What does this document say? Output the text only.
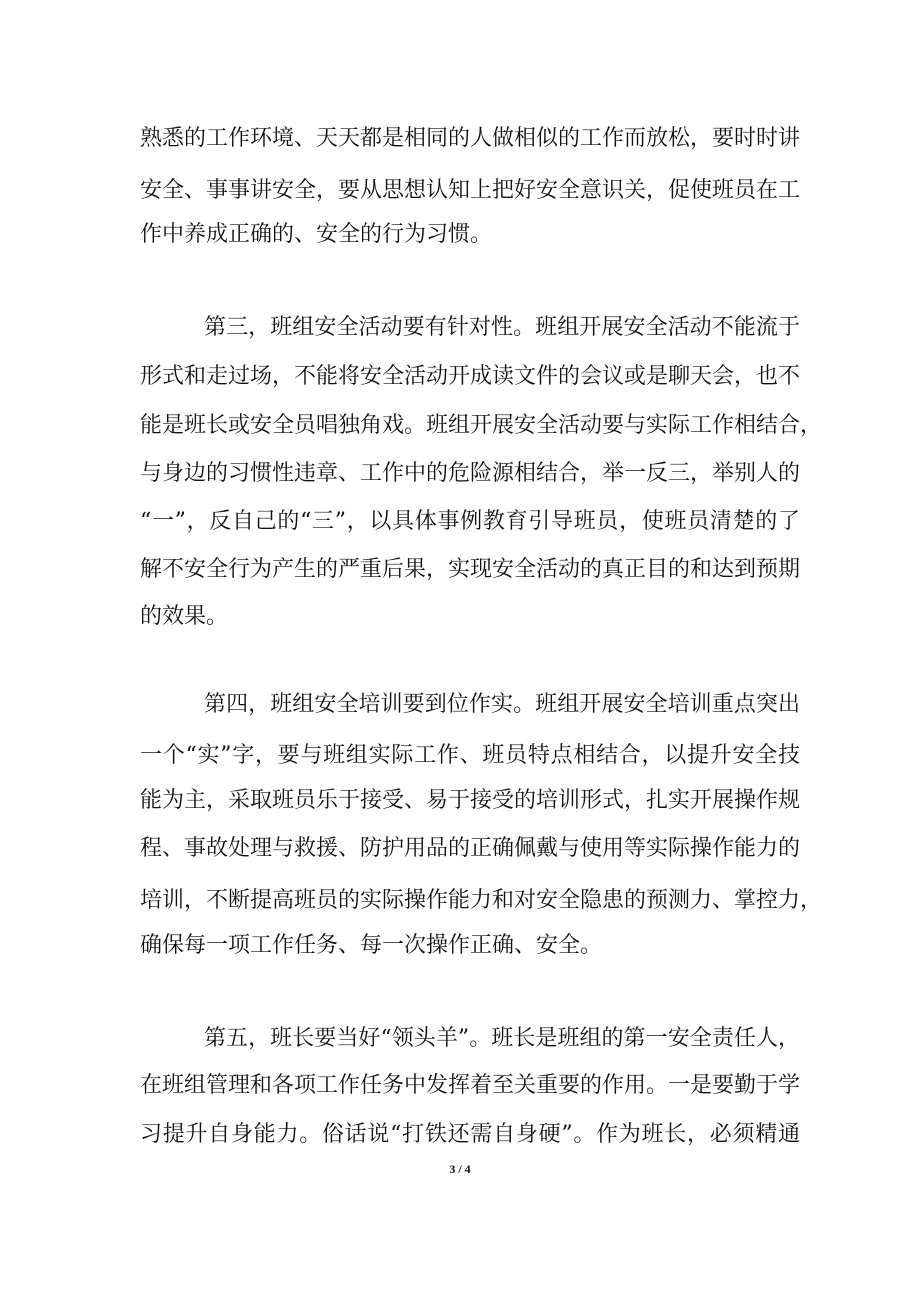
熟悉的工作环境、天天都是相同的人做相似的工作而放松，要时时讲
安全、事事讲安全，要从思想认知上把好安全意识关，促使班员在工
作中养成正确的、安全的行为习惯。
第三，班组安全活动要有针对性。班组开展安全活动不能流于
形式和走过场，不能将安全活动开成读文件的会议或是聊天会，也不
能是班长或安全员唱独角戏。班组开展安全活动要与实际工作相结合，
与身边的习惯性违章、工作中的危险源相结合，举一反三，举别人的
“一”，反自己的“三”，以具体事例教育引导班员，使班员清楚的了
解不安全行为产生的严重后果，实现安全活动的真正目的和达到预期
的效果。
第四，班组安全培训要到位作实。班组开展安全培训重点突出
一个“实”字，要与班组实际工作、班员特点相结合，以提升安全技
能为主，采取班员乐于接受、易于接受的培训形式，扎实开展操作规
程、事故处理与救援、防护用品的正确佩戴与使用等实际操作能力的
培训，不断提高班员的实际操作能力和对安全隐患的预测力、掌控力，
确保每一项工作任务、每一次操作正确、安全。
第五，班长要当好“领头羊”。班长是班组的第一安全责任人，
在班组管理和各项工作任务中发挥着至关重要的作用。一是要勤于学
习提升自身能力。俗话说“打铁还需自身硬”。作为班长，必须精通
3 / 4
